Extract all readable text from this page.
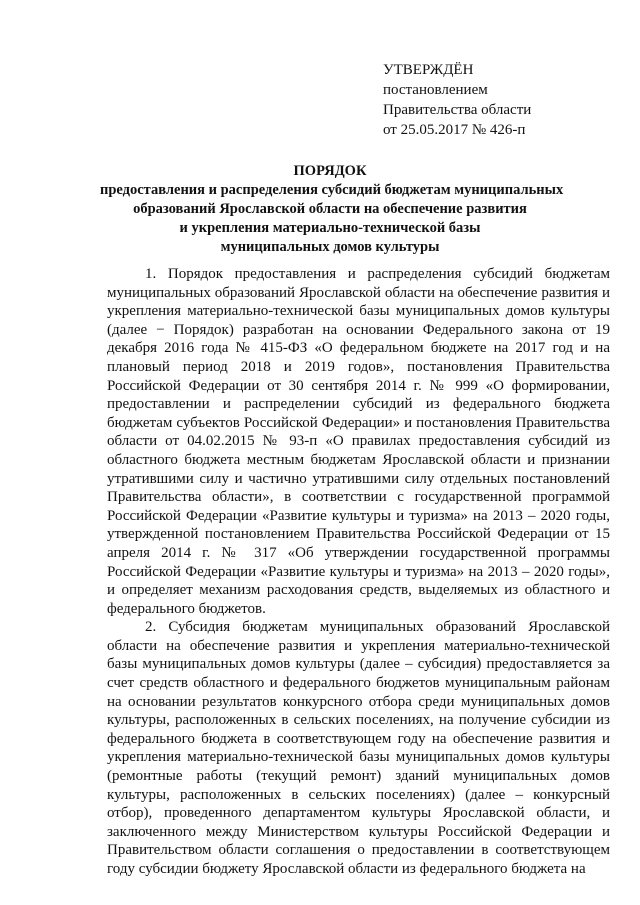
УТВЕРЖДЁН
постановлением
Правительства области
от 25.05.2017 № 426-п
ПОРЯДОК
предоставления и распределения субсидий бюджетам муниципальных
образований Ярославской области на обеспечение развития
и укрепления материально-технической базы
муниципальных домов культуры

1. Порядок предоставления и распределения субсидий бюджетам муниципальных образований Ярославской области на обеспечение развития и укрепления материально-технической базы муниципальных домов культуры (далее − Порядок) разработан на основании Федерального закона от 19 декабря 2016 года № 415-ФЗ «О федеральном бюджете на 2017 год и на плановый период 2018 и 2019 годов», постановления Правительства Российской Федерации от 30 сентября 2014 г. № 999 «О формировании, предоставлении и распределении субсидий из федерального бюджета бюджетам субъектов Российской Федерации» и постановления Правительства области от 04.02.2015 № 93-п «О правилах предоставления субсидий из областного бюджета местным бюджетам Ярославской области и признании утратившими силу и частично утратившими силу отдельных постановлений Правительства области», в соответствии с государственной программой Российской Федерации «Развитие культуры и туризма» на 2013 – 2020 годы, утвержденной постановлением Правительства Российской Федерации от 15 апреля 2014 г. № 317 «Об утверждении государственной программы Российской Федерации «Развитие культуры и туризма» на 2013 – 2020 годы», и определяет механизм расходования средств, выделяемых из областного и федерального бюджетов.

2. Субсидия бюджетам муниципальных образований Ярославской области на обеспечение развития и укрепления материально-технической базы муниципальных домов культуры (далее – субсидия) предоставляется за счет средств областного и федерального бюджетов муниципальным районам на основании результатов конкурсного отбора среди муниципальных домов культуры, расположенных в сельских поселениях, на получение субсидии из федерального бюджета в соответствующем году на обеспечение развития и укрепления материально-технической базы муниципальных домов культуры (ремонтные работы (текущий ремонт) зданий муниципальных домов культуры, расположенных в сельских поселениях) (далее – конкурсный отбор), проведенного департаментом культуры Ярославской области, и заключенного между Министерством культуры Российской Федерации и Правительством области соглашения о предоставлении в соответствующем году субсидии бюджету Ярославской области из федерального бюджета на
